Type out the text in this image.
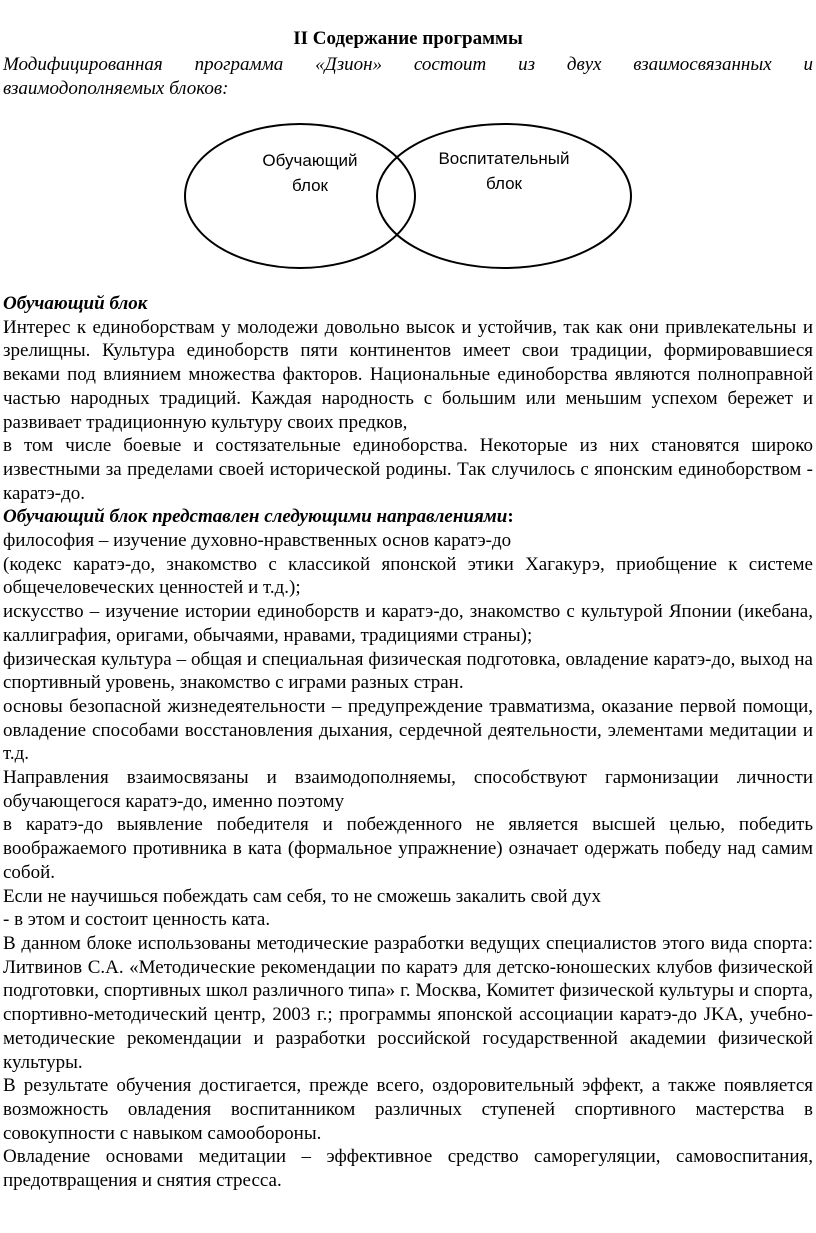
II Содержание программы
Модифицированная программа «Дзион» состоит из двух взаимосвязанных и
взаимодополняемых блоков:
Обучающий
блок
Воспитательный
блок

Обучающий блок

Интерес к единоборствам у молодежи довольно высок и устойчив, так как они привлекательны и зрелищны. Культура единоборств пяти континентов имеет свои традиции, формировавшиеся веками под влиянием множества факторов. Национальные единоборства являются полноправной частью народных традиций. Каждая народность с большим или меньшим успехом бережет и развивает традиционную культуру своих предков,

в том числе боевые и состязательные единоборства. Некоторые из них становятся широко известными за пределами своей исторической родины. Так случилось с японским единоборством - каратэ-до.

Обучающий блок представлен следующими направлениями:

философия – изучение духовно-нравственных основ каратэ-до

(кодекс каратэ-до, знакомство с классикой японской этики Хагакурэ, приобщение к системе общечеловеческих ценностей и т.д.);

искусство – изучение истории единоборств и каратэ-до, знакомство с культурой Японии (икебана, каллиграфия, оригами, обычаями, нравами, традициями страны);

физическая культура – общая и специальная физическая подготовка, овладение каратэ-до, выход на спортивный уровень, знакомство с играми разных стран.

основы безопасной жизнедеятельности – предупреждение травматизма, оказание первой помощи, овладение способами восстановления дыхания, сердечной деятельности, элементами медитации и т.д.

Направления взаимосвязаны и взаимодополняемы, способствуют гармонизации личности обучающегося каратэ-до, именно поэтому

в каратэ-до выявление победителя и побежденного не является высшей целью, победить воображаемого противника в ката (формальное упражнение) означает одержать победу над самим собой.

Если не научишься побеждать сам себя, то не сможешь закалить свой дух

- в этом и состоит ценность ката.

В данном блоке использованы методические разработки ведущих специалистов этого вида спорта: Литвинов С.А. «Методические рекомендации по каратэ для детско-юношеских клубов физической подготовки, спортивных школ различного типа» г. Москва, Комитет физической культуры и спорта, спортивно-методический центр, 2003 г.; программы японской ассоциации каратэ-до JKA, учебно-методические рекомендации и разработки российской государственной академии физической культуры.

В результате обучения достигается, прежде всего, оздоровительный эффект, а также появляется возможность овладения воспитанником различных ступеней спортивного мастерства в совокупности с навыком самообороны.

Овладение основами медитации – эффективное средство саморегуляции, самовоспитания, предотвращения и снятия стресса.
